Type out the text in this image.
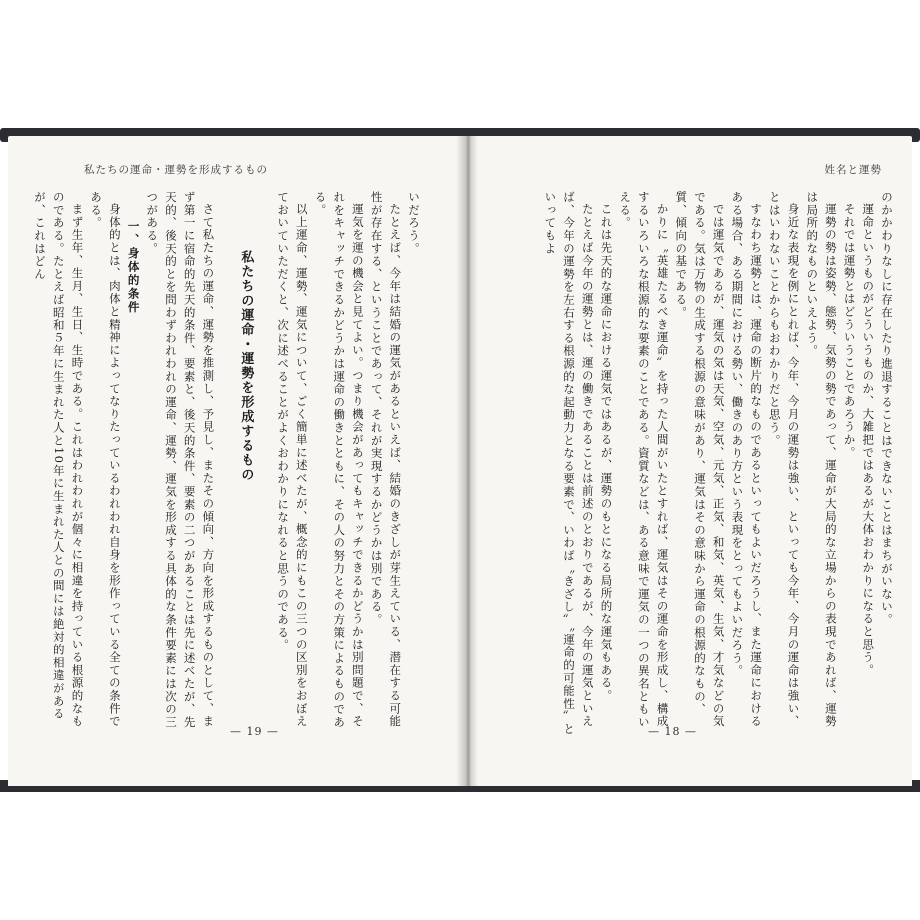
私たちの運命・運勢を形成するもの

いだろう。

たとえば、今年は結婚の運気があるといえば、結婚のきざしが芽生えている、潜在する可能性が存在する、ということであって、それが実現するかどうかは別である。

運気を運の機会と見てよい。つまり機会があってもキャッチできるかどうかは別問題で、それをキャッチできるかどうかは運命の働きとともに、その人の努力とその方策によるものである。

以上運命、運勢、運気について、ごく簡単に述べたが、概念的にもこの三つの区別をおぼえておいていただくと、次に述べることがよくおわかりになれると思うのである。

私たちの運命・運勢を形成するもの

さて私たちの運命、運勢を推測し、予見し、またその傾向、方向を形成するものとして、まず第一に宿命的先天的条件、要素と、後天的条件、要素の二つがあることは先に述べたが、先天的、後天的とを問わずわれわれの運命、運勢、運気を形成する具体的な条件要素には次の三つがある。

一、身体的条件

身体的とは、肉体と精神によってなりたっているわれわれ自身を形作っている全ての条件である。

まず生年、生月、生日、生時である。これはわれわれが個々に相違を持っている根源的なものである。たとえば昭和５年に生まれた人と10年に生まれた人との間には絶対的相違があるが、これはどん

— 19 —
姓名と運勢

のかかわりなしに存在したり進退することはできないことはまちがいない。

運命というものがどういうものか、大雑把ではあるが大体おわかりになると思う。

それでは運勢とはどういうことであろうか。

運勢の勢は姿勢、態勢、気勢の勢であって、運命が大局的な立場からの表現であれば、運勢は局所的なものといえよう。

身近な表現を例にとれば、今年、今月の運勢は強い、といっても今年、今月の運命は強い、とはいわないことからもおわかりだと思う。

すなわち運勢とは、運命の断片的なものであるといってもよいだろうし、また運命におけるある場合、ある期間における勢い、働きのあり方という表現をとってもよいだろう。

では運気であるが、運気の気は天気、空気、元気、正気、和気、英気、生気、才気などの気である。気は万物の生成する根源の意味があり、運気はその意味から運命の根源的なもの、質、傾向の基である。

かりに〝英雄たるべき運命〟を持った人間がいたとすれば、運気はその運命を形成し、構成するいろいろな根源的な要素のことである。資質などは、ある意味で運気の一つの異名ともいえる。

これは先天的な運命における運気ではあるが、運勢のもとになる局所的な運気もある。

たとえば今年の運勢とは、運の働きであることは前述のとおりであるが、今年の運気といえば、今年の運勢を左右する根源的な起動力となる要素で、いわば〝きざし〟〝運命的可能性〟といってもよ

— 18 —
